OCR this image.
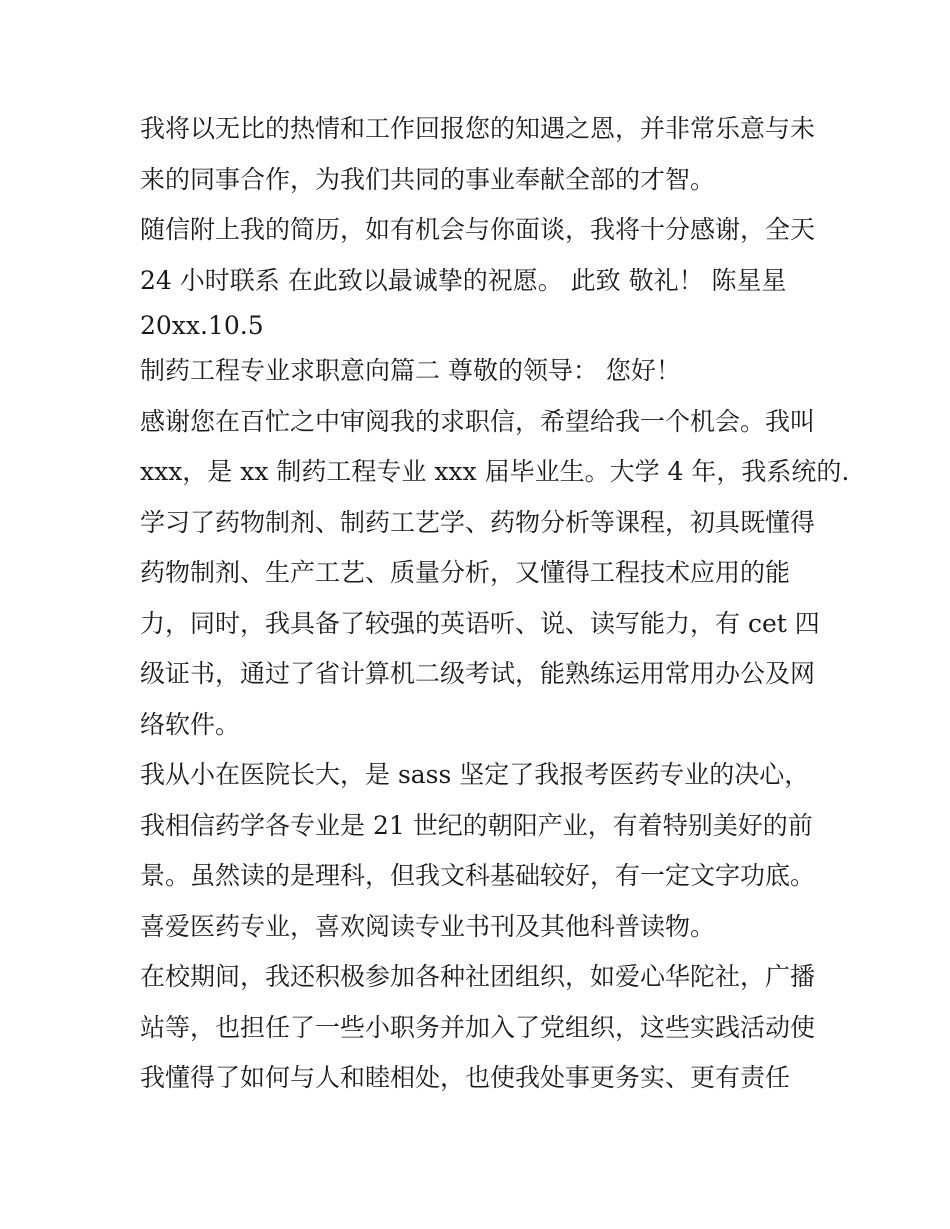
我将以无比的热情和工作回报您的知遇之恩，并非常乐意与未
来的同事合作，为我们共同的事业奉献全部的才智。
随信附上我的简历，如有机会与你面谈，我将十分感谢，全天
24 小时联系 在此致以最诚挚的祝愿。 此致 敬礼！ 陈星星
20xx.10.5
制药工程专业求职意向篇二 尊敬的领导： 您好！
感谢您在百忙之中审阅我的求职信，希望给我一个机会。我叫
xxx，是 xx 制药工程专业 xxx 届毕业生。大学 4 年，我系统的.
学习了药物制剂、制药工艺学、药物分析等课程，初具既懂得
药物制剂、生产工艺、质量分析，又懂得工程技术应用的能
力，同时，我具备了较强的英语听、说、读写能力，有 cet 四
级证书，通过了省计算机二级考试，能熟练运用常用办公及网
络软件。
我从小在医院长大，是 sass 坚定了我报考医药专业的决心，
我相信药学各专业是 21 世纪的朝阳产业，有着特别美好的前
景。虽然读的是理科，但我文科基础较好，有一定文字功底。
喜爱医药专业，喜欢阅读专业书刊及其他科普读物。
在校期间，我还积极参加各种社团组织，如爱心华陀社，广播
站等，也担任了一些小职务并加入了党组织，这些实践活动使
我懂得了如何与人和睦相处，也使我处事更务实、更有责任
